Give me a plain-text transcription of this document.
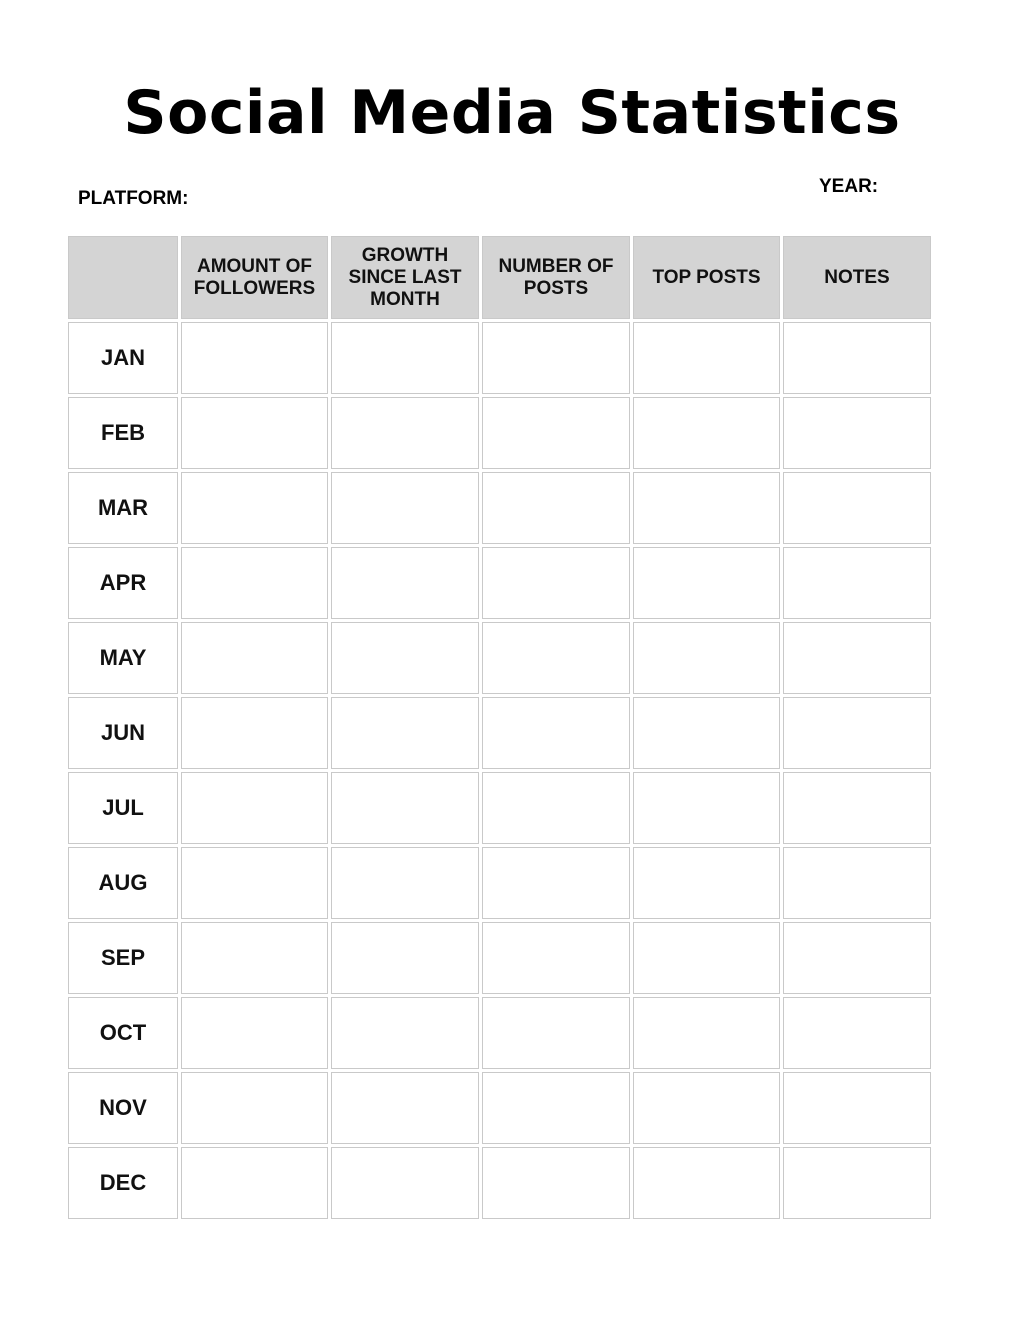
Social Media Statistics
PLATFORM:
YEAR:
	AMOUNT OF FOLLOWERS	GROWTH SINCE LAST MONTH	NUMBER OF POSTS	TOP POSTS	NOTES
JAN					
FEB					
MAR					
APR					
MAY					
JUN					
JUL					
AUG					
SEP					
OCT					
NOV					
DEC					
